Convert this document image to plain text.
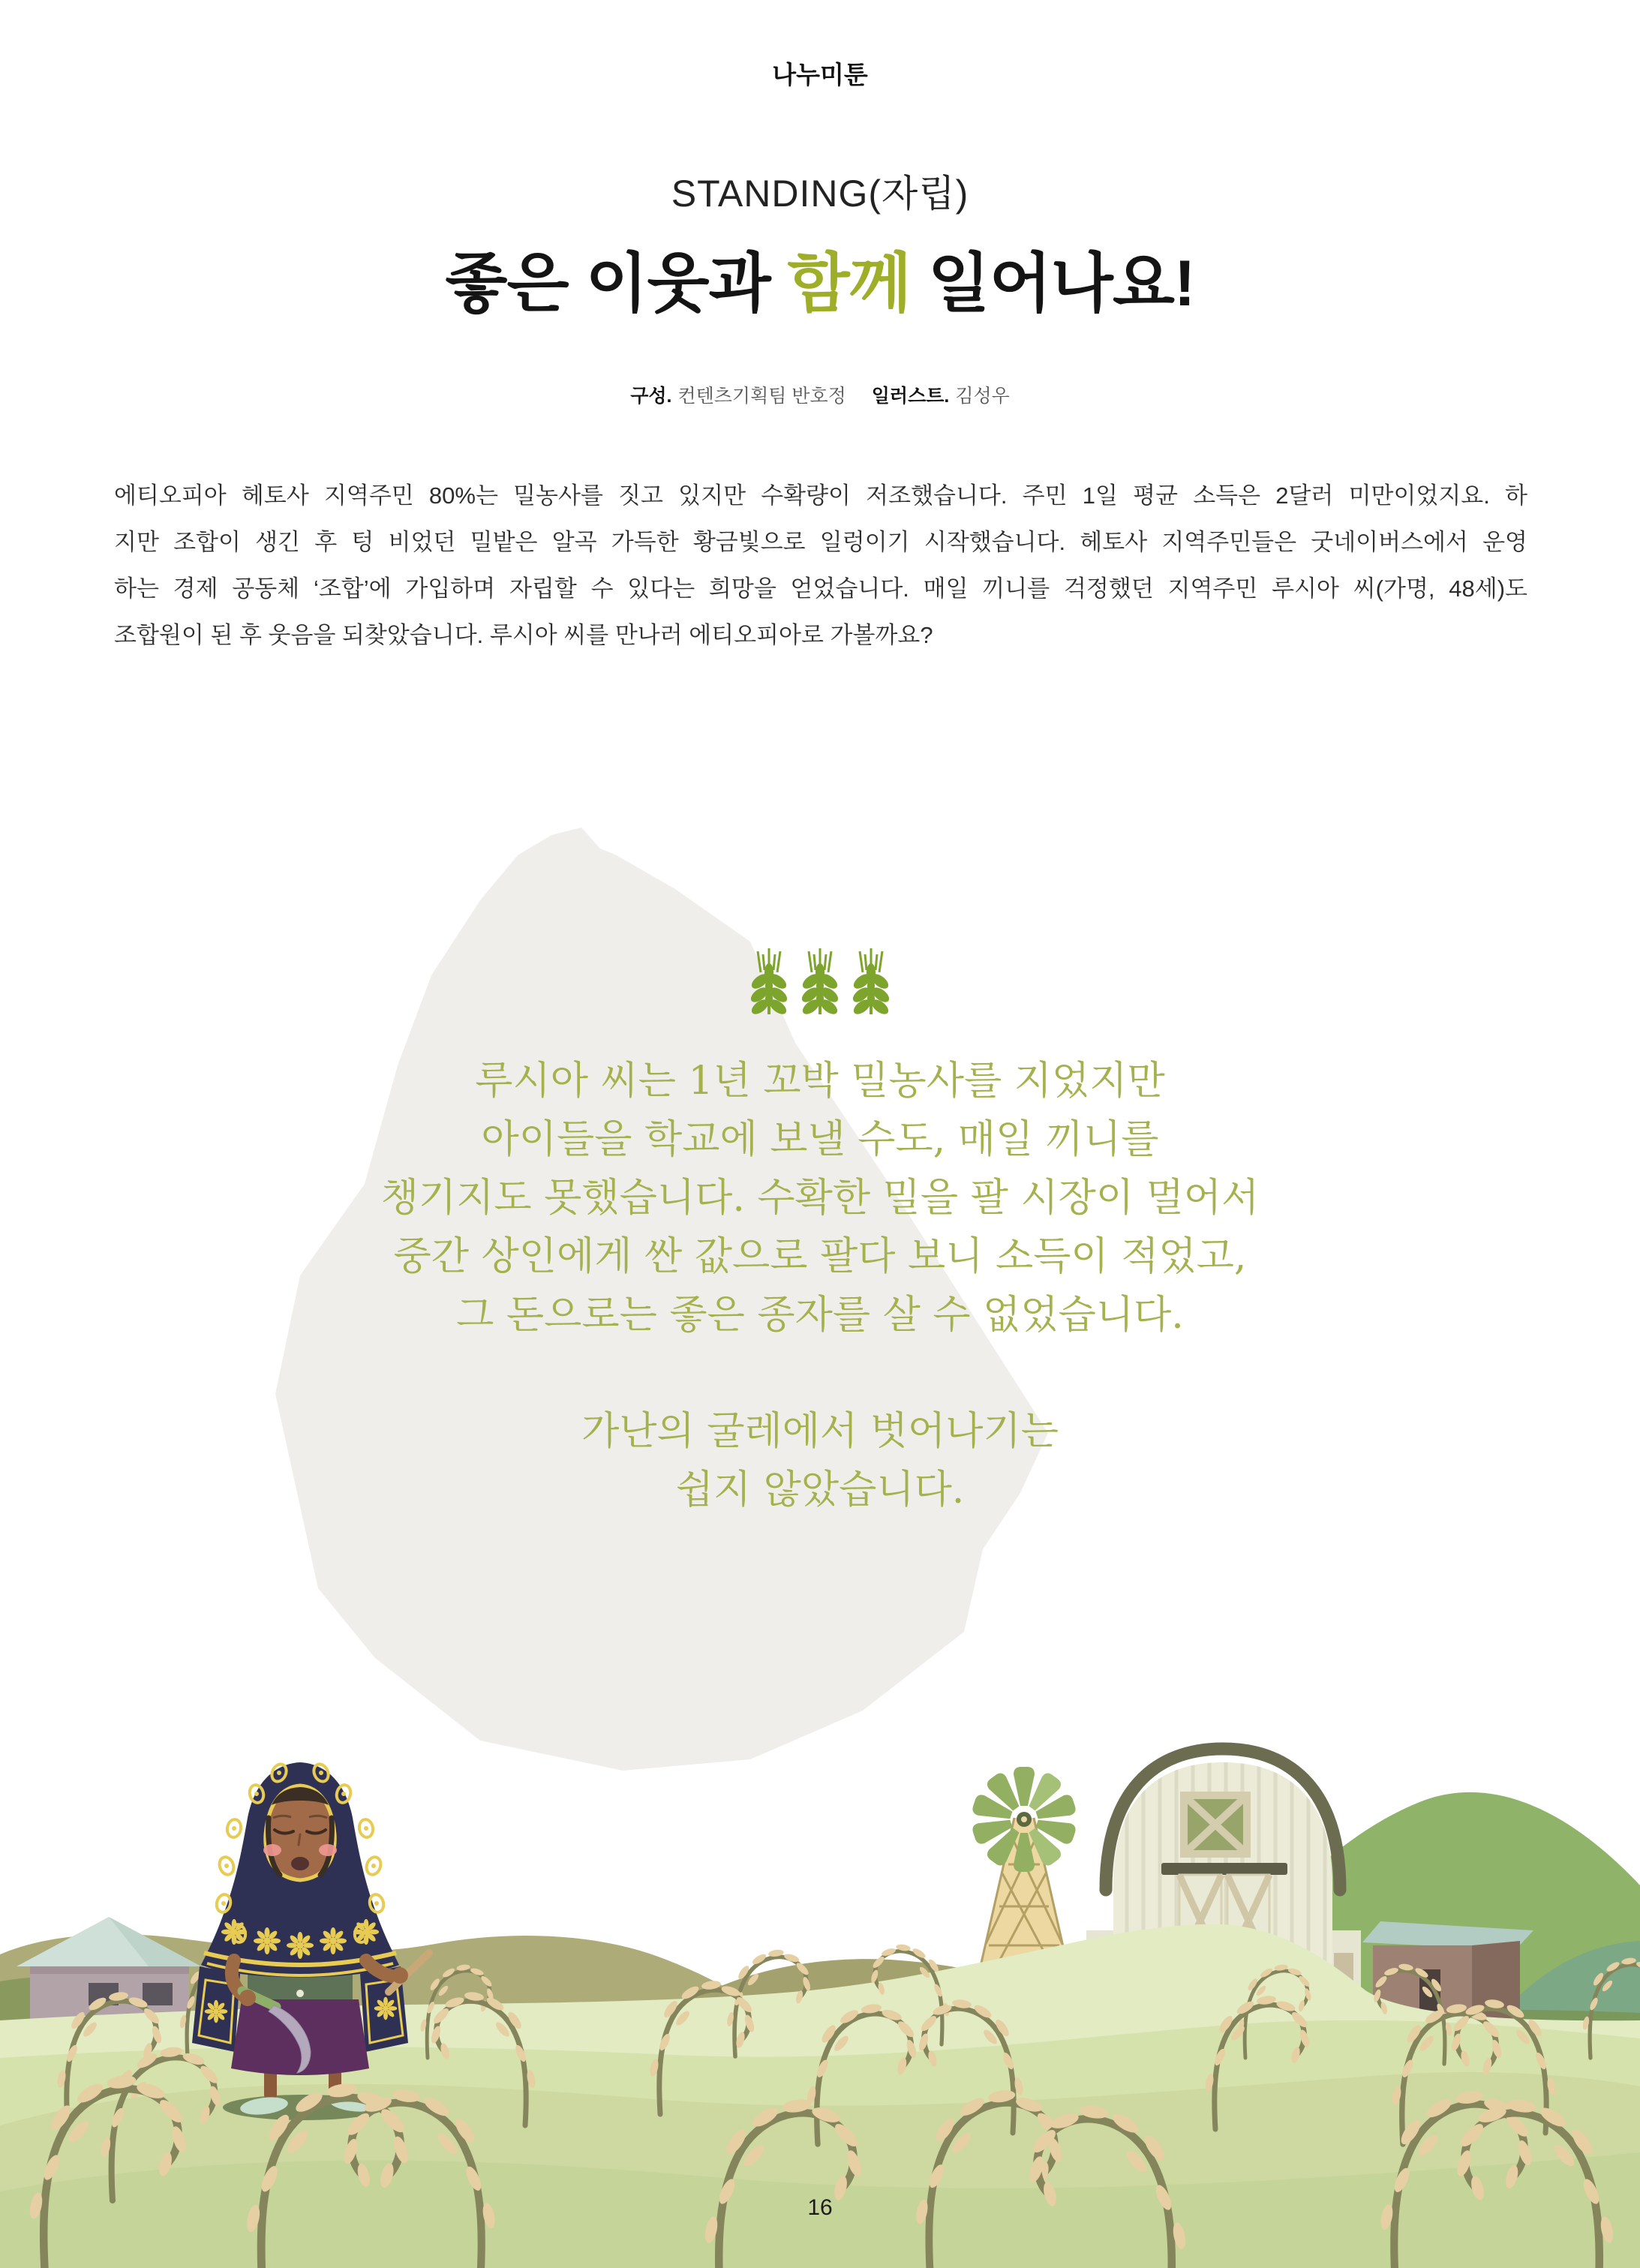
나누미툰
STANDING(자립)
좋은 이웃과 함께 일어나요!
구성. 컨텐츠기획팀 반호정 일러스트. 김성우
에티오피아 헤토사 지역주민 80%는 밀농사를 짓고 있지만 수확량이 저조했습니다. 주민 1일 평균 소득은 2달러 미만이었지요. 하
지만 조합이 생긴 후 텅 비었던 밀밭은 알곡 가득한 황금빛으로 일렁이기 시작했습니다. 헤토사 지역주민들은 굿네이버스에서 운영
하는 경제 공동체 ‘조합’에 가입하며 자립할 수 있다는 희망을 얻었습니다. 매일 끼니를 걱정했던 지역주민 루시아 씨(가명, 48세)도
조합원이 된 후 웃음을 되찾았습니다. 루시아 씨를 만나러 에티오피아로 가볼까요?
루시아 씨는 1년 꼬박 밀농사를 지었지만
아이들을 학교에 보낼 수도, 매일 끼니를
챙기지도 못했습니다. 수확한 밀을 팔 시장이 멀어서
중간 상인에게 싼 값으로 팔다 보니 소득이 적었고,
그 돈으로는 좋은 종자를 살 수 없었습니다.
가난의 굴레에서 벗어나기는
쉽지 않았습니다.
16
